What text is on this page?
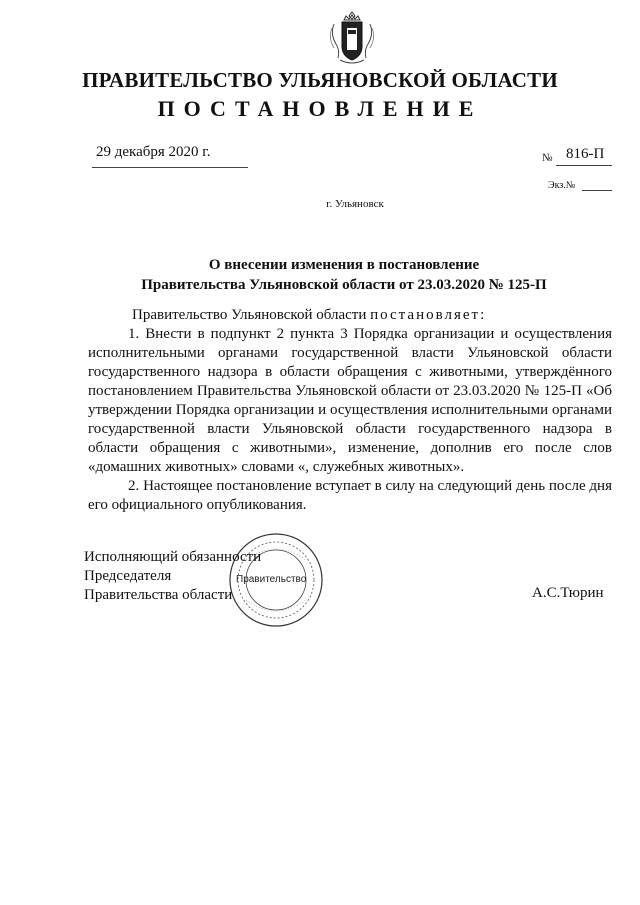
ПРАВИТЕЛЬСТВО УЛЬЯНОВСКОЙ ОБЛАСТИ
ПОСТАНОВЛЕНИЕ
29 декабря 2020 г.	№ 816-П
Экз.№
г. Ульяновск
О внесении изменения в постановление
Правительства Ульяновской области от 23.03.2020 № 125-П

Правительство Ульяновской области постановляет:

1. Внести в подпункт 2 пункта 3 Порядка организации и осуществления исполнительными органами государственной власти Ульяновской области государственного надзора в области обращения с животными, утверждённого постановлением Правительства Ульяновской области от 23.03.2020 № 125-П «Об утверждении Порядка организации и осуществления исполнительными органами государственной власти Ульяновской области государственного надзора в области обращения с животными», изменение, дополнив его после слов «домашних животных» словами «, служебных животных».

2. Настоящее постановление вступает в силу на следующий день после дня его официального опубликования.

Правительство
Исполняющий обязанности
Председателя
Правительства области	А.С.Тюрин
